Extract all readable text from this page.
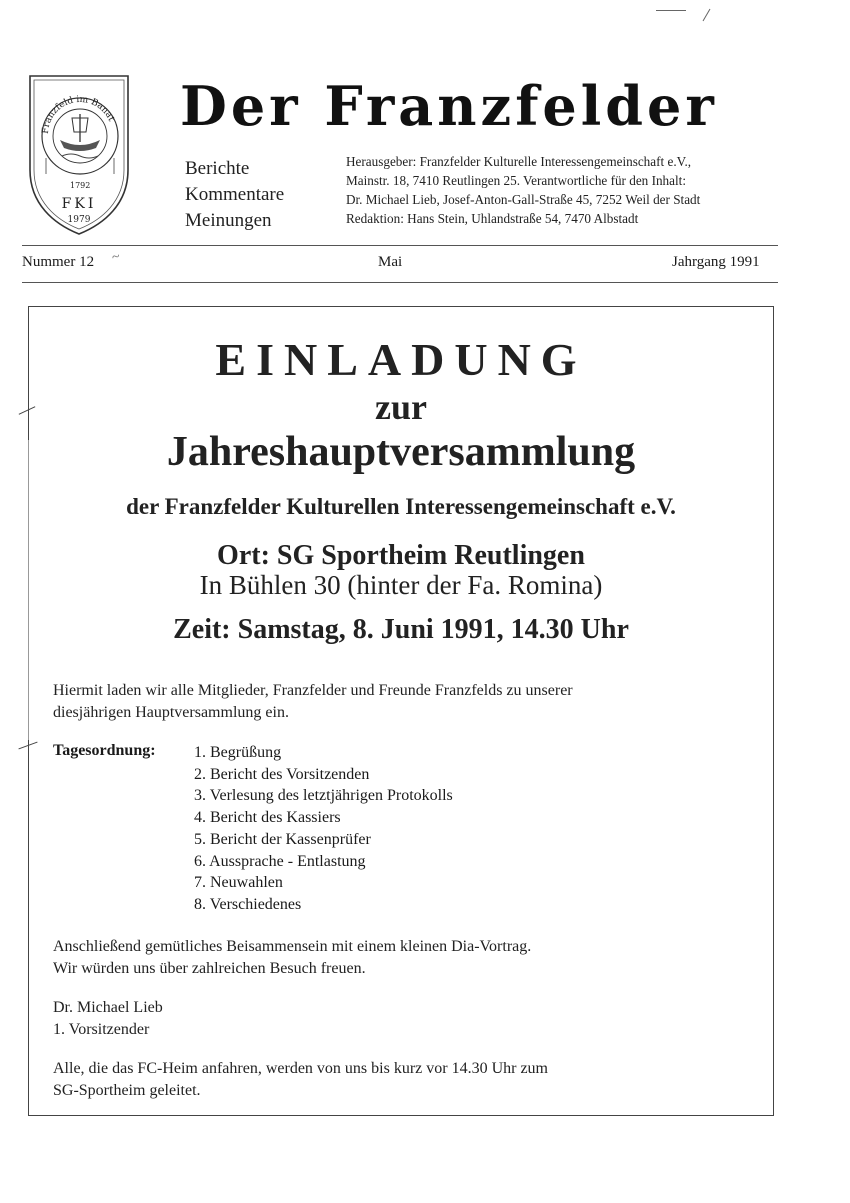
Franzfeld im Banat
1792
FKI
1979
Der Franzfelder
Berichte
Kommentare
Meinungen
Herausgeber: Franzfelder Kulturelle Interessengemeinschaft e.V.,
Mainstr. 18, 7410 Reutlingen 25. Verantwortliche für den Inhalt:
Dr. Michael Lieb, Josef-Anton-Gall-Straße 45, 7252 Weil der Stadt
Redaktion: Hans Stein, Uhlandstraße 54, 7470 Albstadt
Nummer 12 ~	Mai	Jahrgang 1991
EINLADUNG
zur
Jahreshauptversammlung
der Franzfelder Kulturellen Interessengemeinschaft e.V.
Ort: SG Sportheim Reutlingen
In Bühlen 30 (hinter der Fa. Romina)
Zeit: Samstag, 8. Juni 1991, 14.30 Uhr
Hiermit laden wir alle Mitglieder, Franzfelder und Freunde Franzfelds zu unserer
diesjährigen Hauptversammlung ein.
Tagesordnung: 1. Begrüßung
2. Bericht des Vorsitzenden
3. Verlesung des letztjährigen Protokolls
4. Bericht des Kassiers
5. Bericht der Kassenprüfer
6. Aussprache - Entlastung
7. Neuwahlen
8. Verschiedenes
Anschließend gemütliches Beisammensein mit einem kleinen Dia-Vortrag.
Wir würden uns über zahlreichen Besuch freuen.
Dr. Michael Lieb
1. Vorsitzender
Alle, die das FC-Heim anfahren, werden von uns bis kurz vor 14.30 Uhr zum
SG-Sportheim geleitet.
